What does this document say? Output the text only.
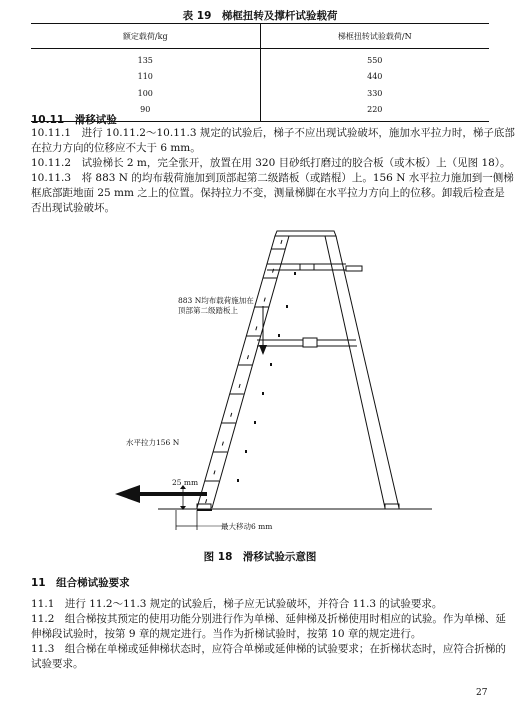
表 19　梯框扭转及撑杆试验载荷
额定载荷/kg	梯框扭转试验载荷/N
135	550
110	440
100	330
90	220
10.11　滑移试验
10.11.1　进行 10.11.2～10.11.3 规定的试验后，梯子不应出现试验破坏，施加水平拉力时，梯子底部
在拉力方向的位移应不大于 6 mm。
10.11.2　试验梯长 2 m，完全张开，放置在用 320 目砂纸打磨过的胶合板（或木板）上（见图 18）。
10.11.3　将 883 N 的均布载荷施加到顶部起第二级踏板（或踏棍）上。156 N 水平拉力施加到一侧梯
框底部距地面 25 mm 之上的位置。保持拉力不变，测量梯脚在水平拉力方向上的位移。卸载后检查是
否出现试验破坏。
883 N均布载荷施加在
顶部第二级踏板上
水平拉力156 N
25 mm
最大移动6 mm
图 18　滑移试验示意图
11　组合梯试验要求
11.1　进行 11.2～11.3 规定的试验后，梯子应无试验破坏，并符合 11.3 的试验要求。
11.2　组合梯按其预定的使用功能分别进行作为单梯、延伸梯及折梯使用时相应的试验。作为单梯、延
伸梯段试验时，按第 9 章的规定进行。当作为折梯试验时，按第 10 章的规定进行。
11.3　组合梯在单梯或延伸梯状态时，应符合单梯或延伸梯的试验要求；在折梯状态时，应符合折梯的
试验要求。
27
